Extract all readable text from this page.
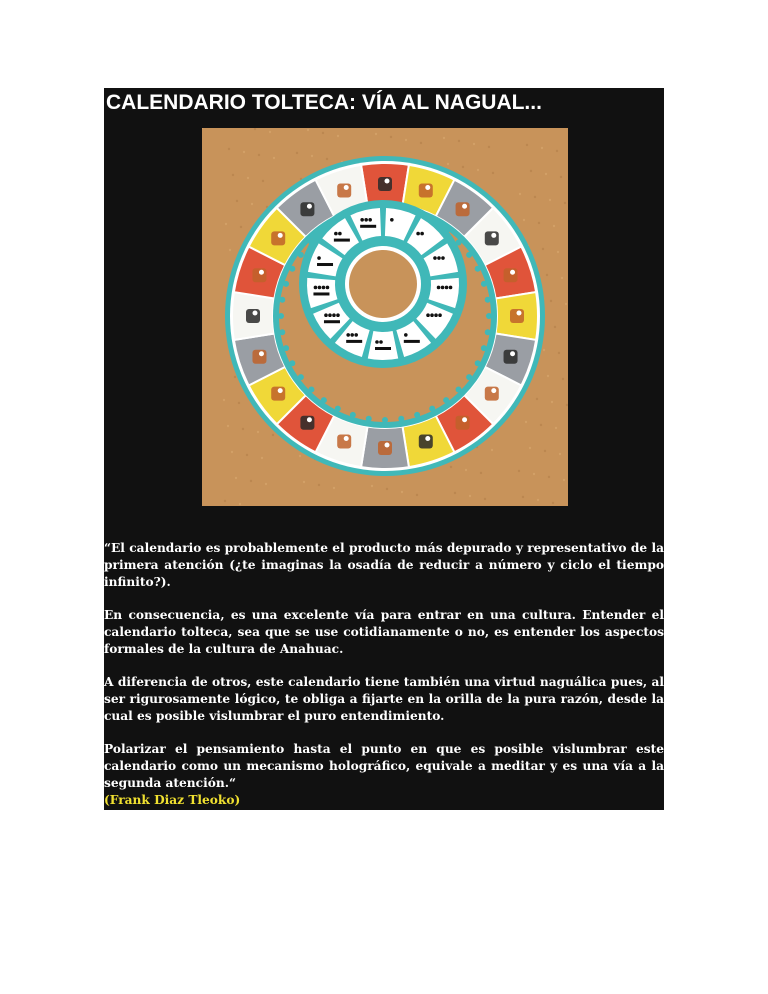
CALENDARIO TOLTECA: VÍA AL NAGUAL...

“El calendario es probablemente el producto más depurado y representativo de la primera atención (¿te imaginas la osadía de reducir a número y ciclo el tiempo infinito?).

En consecuencia, es una excelente vía para entrar en una cultura. Entender el calendario tolteca, sea que se use cotidianamente o no, es entender los aspectos formales de la cultura de Anahuac.

A diferencia de otros, este calendario tiene también una virtud naguálica pues, al ser rigurosamente lógico, te obliga a fijarte en la orilla de la pura razón, desde la cual es posible vislumbrar el puro entendimiento.

Polarizar el pensamiento hasta el punto en que es posible vislumbrar este calendario como un mecanismo holográfico, equivale a meditar y es una vía a la segunda atención.“

(Frank Diaz Tleoko)
